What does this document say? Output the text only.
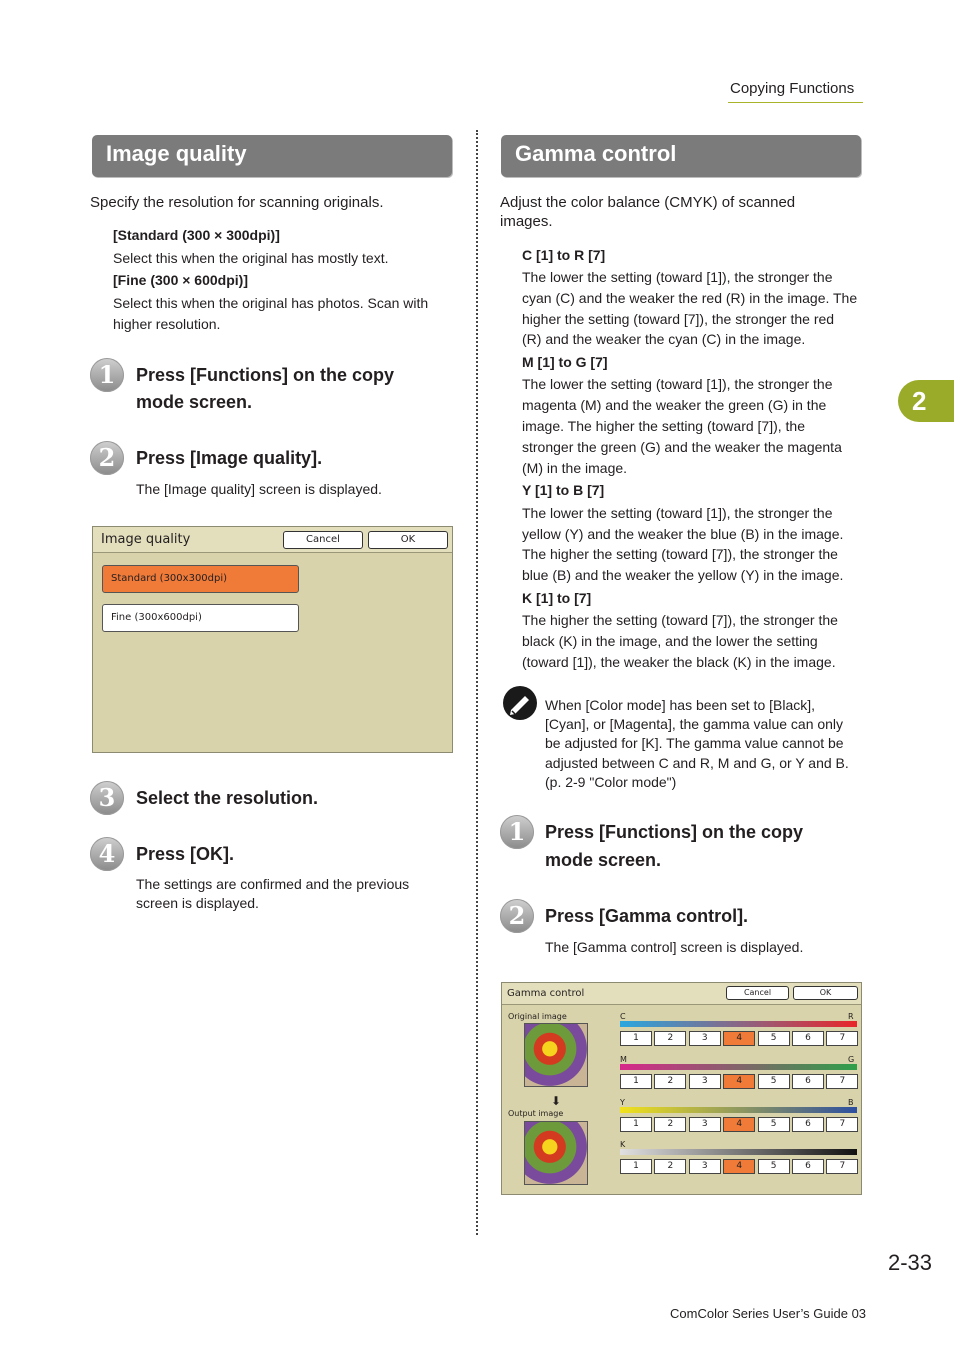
Copying Functions
Image quality
Specify the resolution for scanning originals.
[Standard (300 × 300dpi)]
Select this when the original has mostly text.
[Fine (300 × 600dpi)]
Select this when the original has photos. Scan with
higher resolution.
1	Press [Functions] on the copy
mode screen.
2	Press [Image quality].
The [Image quality] screen is displayed.
Image quality	Cancel	OK
Standard (300x300dpi)
Fine (300x600dpi)
3	Select the resolution.
4	Press [OK].
The settings are confirmed and the previous
screen is displayed.
Gamma control
Adjust the color balance (CMYK) of scanned
images.
C [1] to R [7]
The lower the setting (toward [1]), the stronger the
cyan (C) and the weaker the red (R) in the image. The
higher the setting (toward [7]), the stronger the red
(R) and the weaker the cyan (C) in the image.
M [1] to G [7]
The lower the setting (toward [1]), the stronger the
magenta (M) and the weaker the green (G) in the
image. The higher the setting (toward [7]), the
stronger the green (G) and the weaker the magenta
(M) in the image.
Y [1] to B [7]
The lower the setting (toward [1]), the stronger the
yellow (Y) and the weaker the blue (B) in the image.
The higher the setting (toward [7]), the stronger the
blue (B) and the weaker the yellow (Y) in the image.
K [1] to [7]
The higher the setting (toward [7]), the stronger the
black (K) in the image, and the lower the setting
(toward [1]), the weaker the black (K) in the image.
When [Color mode] has been set to [Black],
[Cyan], or [Magenta], the gamma value can only
be adjusted for [K]. The gamma value cannot be
adjusted between C and R, M and G, or Y and B.
(p. 2-9 "Color mode")
1	Press [Functions] on the copy
mode screen.
2	Press [Gamma control].
The [Gamma control] screen is displayed.
Gamma control	Cancel	OK
Original image
⬇
Output image
C	R
1	2	3	4	5	6	7
M	G
1	2	3	4	5	6	7
Y	B
1	2	3	4	5	6	7
K
1	2	3	4	5	6	7
2
2-33
ComColor Series User’s Guide 03
